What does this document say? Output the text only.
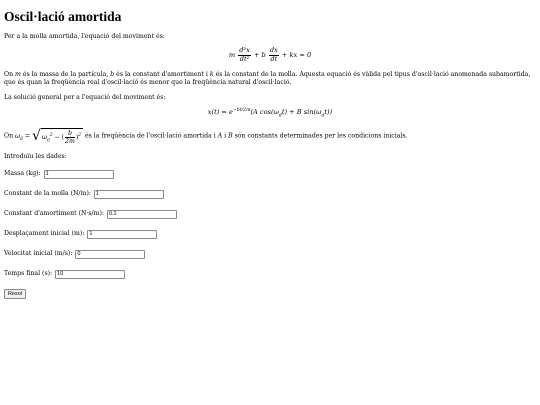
Oscil·lació amortida

Per a la molla amortida, l'equació del moviment és:

m $\frac{\text{d²x}}{\text{dt²}} + b \frac{dx}{dt}$ + kx = 0

On m és la massa de la partícula, b és la constant d'amortiment i k és la constant de la molla. Aquesta equació és vàlida pel tipus d'oscil·lació anomenada subamortida, que és quan la freqüència real d'oscil·lació és menor que la freqüència natural d'oscil·lació.

La solució general per a l'equació del moviment és:

$x(t) = e^{-bt/2m}(A$ $\cos(\omega_dt) + B$ $\sin(\omega_dt)$)

On $\omega_d = √\omega_0^2$ − ( $\frac{b}{2m} )^2$ és la freqüència de l'oscil·lació amortida i A i B són constants determinades per les condicions inicials.

Introduïu les dades:

Massa (kg): 1
Constant de la molla (N/m): 1
Constant d'amortiment (N·s/m): 0.1
Desplaçament inicial (m): 1
Velocitat inicial (m/s): 0
Temps final (s): 10
Resol
